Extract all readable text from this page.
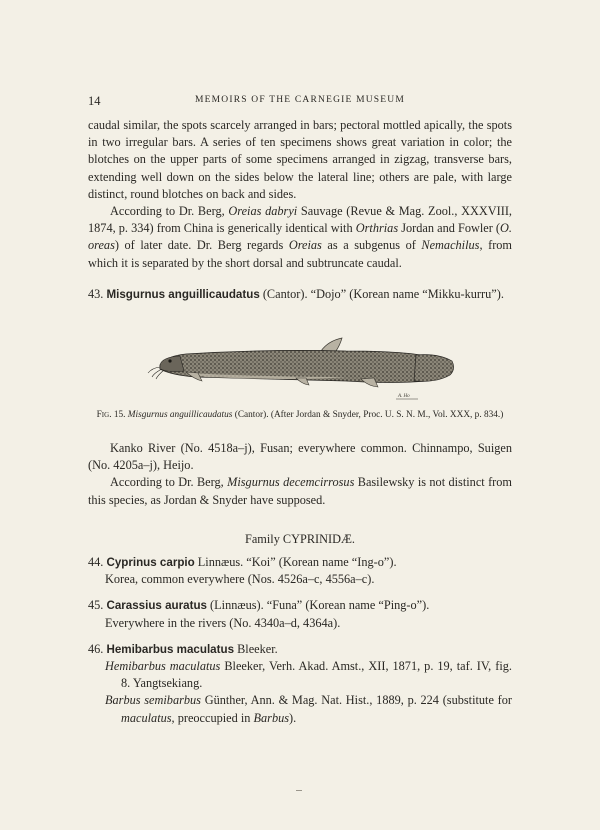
14	MEMOIRS OF THE CARNEGIE MUSEUM

caudal similar, the spots scarcely arranged in bars; pectoral mottled apically, the spots in two irregular bars. A series of ten specimens shows great variation in color; the blotches on the upper parts of some specimens arranged in zigzag, transverse bars, extending well down on the sides below the lateral line; others are pale, with large distinct, round blotches on back and sides.

According to Dr. Berg, Oreias dabryi Sauvage (Revue & Mag. Zool., XXXVIII, 1874, p. 334) from China is generically identical with Orthrias Jordan and Fowler (O. oreas) of later date. Dr. Berg regards Oreias as a subgenus of Nemachilus, from which it is separated by the short dorsal and subtruncate caudal.

43. Misgurnus anguillicaudatus (Cantor). “Dojo” (Korean name “Mikku-kurru”).

A. Ho

Fig. 15. Misgurnus anguillicaudatus (Cantor). (After Jordan & Snyder, Proc. U. S. N. M., Vol. XXX, p. 834.)

Kanko River (No. 4518a–j), Fusan; everywhere common. Chinnampo, Suigen (No. 4205a–j), Heijo.

According to Dr. Berg, Misgurnus decemcirrosus Basilewsky is not distinct from this species, as Jordan & Snyder have supposed.

Family CYPRINIDÆ.

44. Cyprinus carpio Linnæus. “Koi” (Korean name “Ing-o”).

Korea, common everywhere (Nos. 4526a–c, 4556a–c).

45. Carassius auratus (Linnæus). “Funa” (Korean name “Ping-o”).

Everywhere in the rivers (No. 4340a–d, 4364a).

46. Hemibarbus maculatus Bleeker.

Hemibarbus maculatus Bleeker, Verh. Akad. Amst., XII, 1871, p. 19, taf. IV, fig. 8. Yangtsekiang.

Barbus semibarbus Günther, Ann. & Mag. Nat. Hist., 1889, p. 224 (substitute for maculatus, preoccupied in Barbus).
